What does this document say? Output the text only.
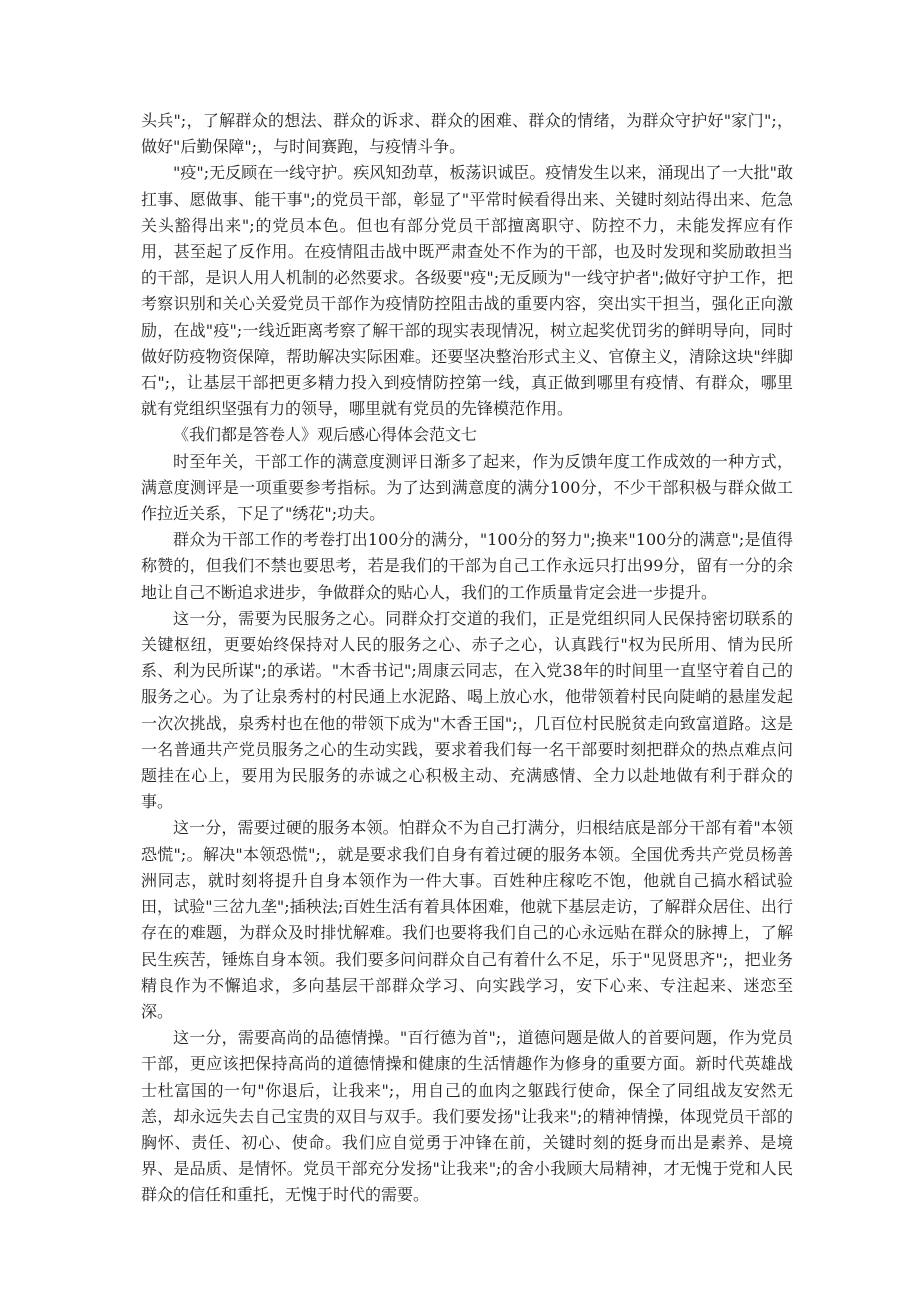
头兵";，了解群众的想法、群众的诉求、群众的困难、群众的情绪，为群众守护好"家门";，做好"后勤保障";，与时间赛跑，与疫情斗争。

"疫";无反顾在一线守护。疾风知劲草，板荡识诚臣。疫情发生以来，涌现出了一大批"敢扛事、愿做事、能干事";的党员干部，彰显了"平常时候看得出来、关键时刻站得出来、危急关头豁得出来";的党员本色。但也有部分党员干部擅离职守、防控不力，未能发挥应有作用，甚至起了反作用。在疫情阻击战中既严肃查处不作为的干部，也及时发现和奖励敢担当的干部，是识人用人机制的必然要求。各级要"疫";无反顾为"一线守护者";做好守护工作，把考察识别和关心关爱党员干部作为疫情防控阻击战的重要内容，突出实干担当，强化正向激励，在战"疫";一线近距离考察了解干部的现实表现情况，树立起奖优罚劣的鲜明导向，同时做好防疫物资保障，帮助解决实际困难。还要坚决整治形式主义、官僚主义，清除这块"绊脚石";，让基层干部把更多精力投入到疫情防控第一线，真正做到哪里有疫情、有群众，哪里就有党组织坚强有力的领导，哪里就有党员的先锋模范作用。

《我们都是答卷人》观后感心得体会范文七

时至年关，干部工作的满意度测评日渐多了起来，作为反馈年度工作成效的一种方式，满意度测评是一项重要参考指标。为了达到满意度的满分100分，不少干部积极与群众做工作拉近关系，下足了"绣花";功夫。

群众为干部工作的考卷打出100分的满分，"100分的努力";换来"100分的满意";是值得称赞的，但我们不禁也要思考，若是我们的干部为自己工作永远只打出99分，留有一分的余地让自己不断追求进步，争做群众的贴心人，我们的工作质量肯定会进一步提升。

这一分，需要为民服务之心。同群众打交道的我们，正是党组织同人民保持密切联系的关键枢纽，更要始终保持对人民的服务之心、赤子之心，认真践行"权为民所用、情为民所系、利为民所谋";的承诺。"木香书记";周康云同志，在入党38年的时间里一直坚守着自己的服务之心。为了让泉秀村的村民通上水泥路、喝上放心水，他带领着村民向陡峭的悬崖发起一次次挑战，泉秀村也在他的带领下成为"木香王国";，几百位村民脱贫走向致富道路。这是一名普通共产党员服务之心的生动实践，要求着我们每一名干部要时刻把群众的热点难点问题挂在心上，要用为民服务的赤诚之心积极主动、充满感情、全力以赴地做有利于群众的事。

这一分，需要过硬的服务本领。怕群众不为自己打满分，归根结底是部分干部有着"本领恐慌";。解决"本领恐慌";，就是要求我们自身有着过硬的服务本领。全国优秀共产党员杨善洲同志，就时刻将提升自身本领作为一件大事。百姓种庄稼吃不饱，他就自己搞水稻试验田，试验"三岔九垄";插秧法;百姓生活有着具体困难，他就下基层走访，了解群众居住、出行存在的难题，为群众及时排忧解难。我们也要将我们自己的心永远贴在群众的脉搏上，了解民生疾苦，锤炼自身本领。我们要多问问群众自己有着什么不足，乐于"见贤思齐";，把业务精良作为不懈追求，多向基层干部群众学习、向实践学习，安下心来、专注起来、迷恋至深。

这一分，需要高尚的品德情操。"百行德为首";，道德问题是做人的首要问题，作为党员干部，更应该把保持高尚的道德情操和健康的生活情趣作为修身的重要方面。新时代英雄战士杜富国的一句"你退后，让我来";，用自己的血肉之躯践行使命，保全了同组战友安然无恙，却永远失去自己宝贵的双目与双手。我们要发扬"让我来";的精神情操，体现党员干部的胸怀、责任、初心、使命。我们应自觉勇于冲锋在前，关键时刻的挺身而出是素养、是境界、是品质、是情怀。党员干部充分发扬"让我来";的舍小我顾大局精神，才无愧于党和人民群众的信任和重托，无愧于时代的需要。
